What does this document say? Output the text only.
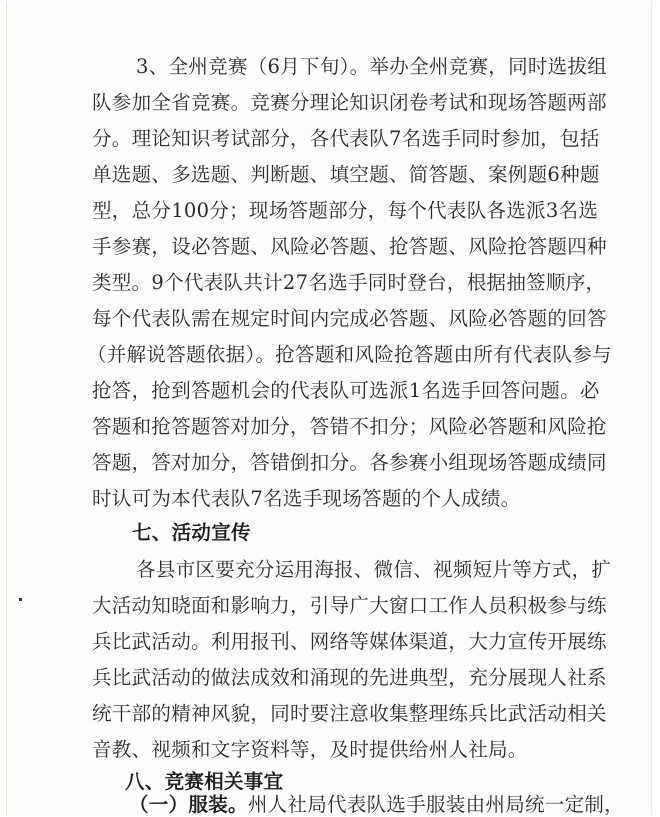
3、全州竞赛（6月下旬）。举办全州竞赛，同时选拔组
队参加全省竞赛。竞赛分理论知识闭卷考试和现场答题两部
分。理论知识考试部分，各代表队7名选手同时参加，包括
单选题、多选题、判断题、填空题、简答题、案例题6种题
型，总分100分；现场答题部分，每个代表队各选派3名选
手参赛，设必答题、风险必答题、抢答题、风险抢答题四种
类型。9个代表队共计27名选手同时登台，根据抽签顺序，
每个代表队需在规定时间内完成必答题、风险必答题的回答
（并解说答题依据）。抢答题和风险抢答题由所有代表队参与
抢答，抢到答题机会的代表队可选派1名选手回答问题。必
答题和抢答题答对加分，答错不扣分；风险必答题和风险抢
答题，答对加分，答错倒扣分。各参赛小组现场答题成绩同
时认可为本代表队7名选手现场答题的个人成绩。
七、活动宣传
各县市区要充分运用海报、微信、视频短片等方式，扩
大活动知晓面和影响力，引导广大窗口工作人员积极参与练
兵比武活动。利用报刊、网络等媒体渠道，大力宣传开展练
兵比武活动的做法成效和涌现的先进典型，充分展现人社系
统干部的精神风貌，同时要注意收集整理练兵比武活动相关
音教、视频和文字资料等，及时提供给州人社局。
八、竞赛相关事宜
（一）服装。州人社局代表队选手服装由州局统一定制，
